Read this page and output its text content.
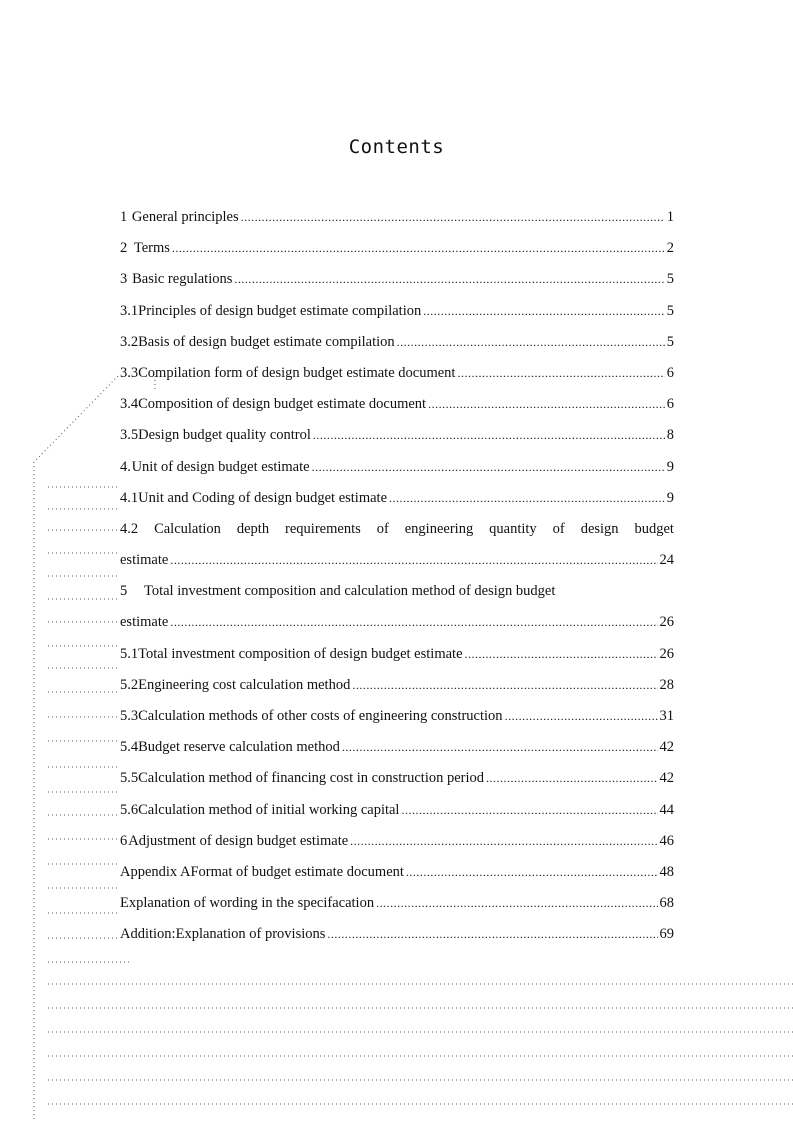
Contents
1 General principles .....	1
2 Terms .....	2
3 Basic regulations .....	5
3.1 Principles of design budget estimate compilation .....	5
3.2 Basis of design budget estimate compilation .....	5
3.3 Compilation form of design budget estimate document .....	6
3.4 Composition of design budget estimate document .....	6
3.5 Design budget quality control .....	8
4. Unit of design budget estimate .....	9
4.1 Unit and Coding of design budget estimate .....	9
4.2 Calculation depth requirements of engineering quantity of design budget
estimate .....	24
5	Total investment composition and calculation method of design budget
estimate .....	26
5.1 Total investment composition of design budget estimate .....	26
5.2 Engineering cost calculation method .....	28
5.3 Calculation methods of other costs of engineering construction .....	31
5.4 Budget reserve calculation method .....	42
5.5 Calculation method of financing cost in construction period .....	42
5.6 Calculation method of initial working capital .....	44
6 Adjustment of design budget estimate .....	46
Appendix A Format of budget estimate document .....	48
Explanation of wording in the specifacation .....	68
Addition:Explanation of provisions .....	69
